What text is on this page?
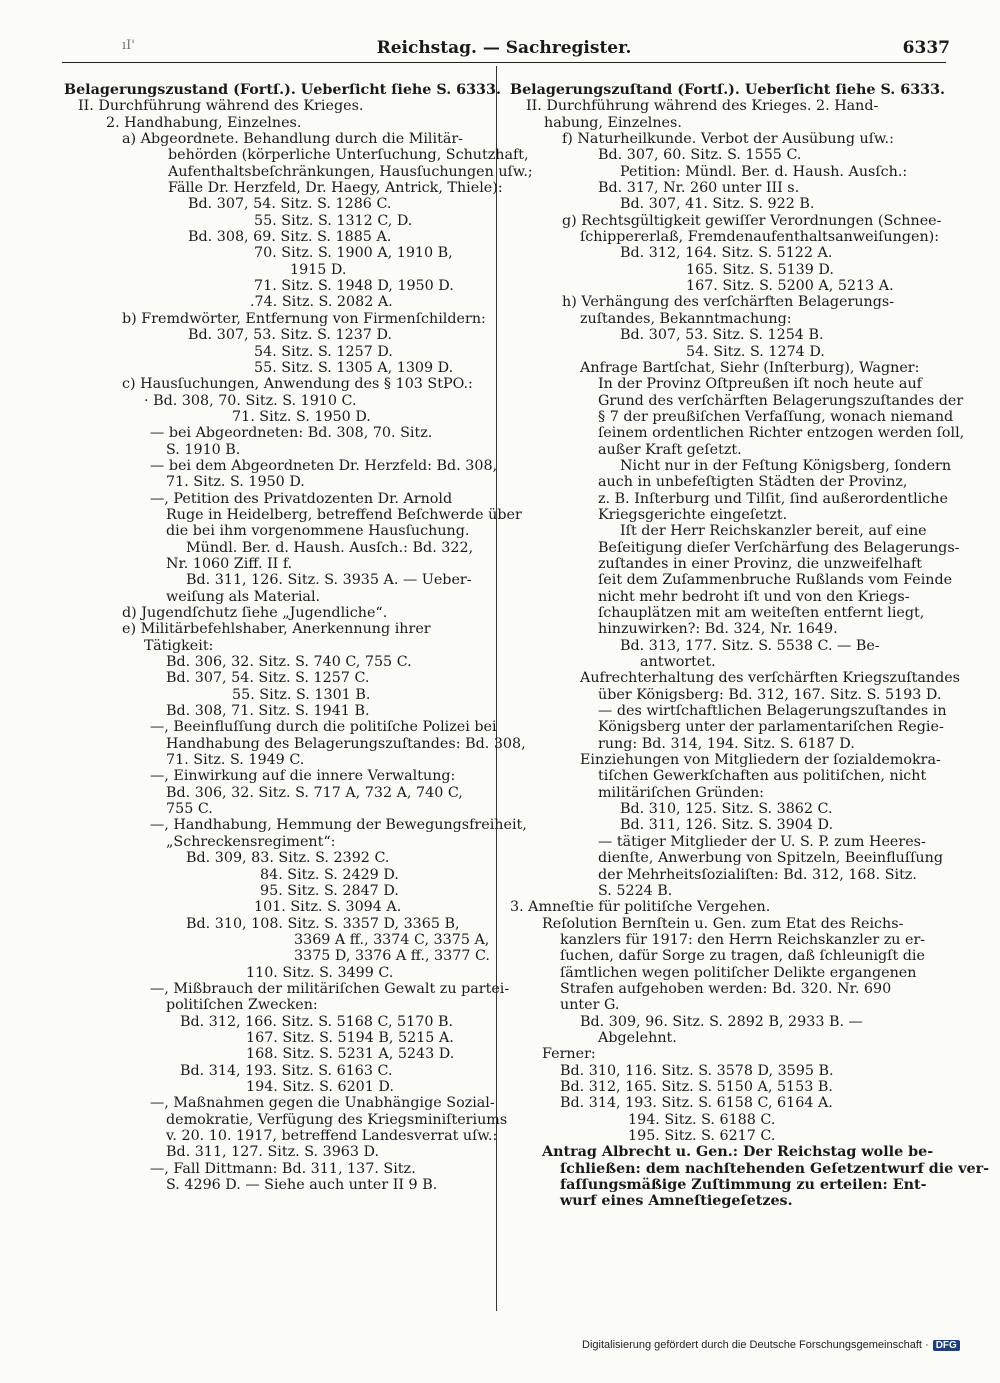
ıI'	Reichstag. — Sachregister.	6337
Belagerungszustand (Fortſ.). Ueberſicht ſiehe S. 6333.
II. Durchführung während des Krieges.
2. Handhabung, Einzelnes.
a) Abgeordnete. Behandlung durch die Militär-
behörden (körperliche Unterſuchung, Schutzhaft,
Aufenthaltsbeſchränkungen, Hausſuchungen uſw.;
Fälle Dr. Herzfeld, Dr. Haegy, Antrick, Thiele):
Bd. 307, 54. Sitz. S. 1286 C.
55. Sitz. S. 1312 C, D.
Bd. 308, 69. Sitz. S. 1885 A.
70. Sitz. S. 1900 A, 1910 B,
1915 D.
71. Sitz. S. 1948 D, 1950 D.
.74. Sitz. S. 2082 A.
b) Fremdwörter, Entfernung von Firmenſchildern:
Bd. 307, 53. Sitz. S. 1237 D.
54. Sitz. S. 1257 D.
55. Sitz. S. 1305 A, 1309 D.
c) Hausſuchungen, Anwendung des § 103 StPO.:
· Bd. 308, 70. Sitz. S. 1910 C.
71. Sitz. S. 1950 D.
— bei Abgeordneten: Bd. 308, 70. Sitz.
S. 1910 B.
— bei dem Abgeordneten Dr. Herzfeld: Bd. 308,
71. Sitz. S. 1950 D.
—, Petition des Privatdozenten Dr. Arnold
Ruge in Heidelberg, betreffend Beſchwerde über
die bei ihm vorgenommene Hausſuchung.
Mündl. Ber. d. Haush. Ausſch.: Bd. 322,
Nr. 1060 Ziff. II f.
Bd. 311, 126. Sitz. S. 3935 A. — Ueber-
weiſung als Material.
d) Jugendſchutz ſiehe „Jugendliche“.
e) Militärbefehlshaber, Anerkennung ihrer
Tätigkeit:
Bd. 306, 32. Sitz. S. 740 C, 755 C.
Bd. 307, 54. Sitz. S. 1257 C.
55. Sitz. S. 1301 B.
Bd. 308, 71. Sitz. S. 1941 B.
—, Beeinfluſſung durch die politiſche Polizei bei
Handhabung des Belagerungszuſtandes: Bd. 308,
71. Sitz. S. 1949 C.
—, Einwirkung auf die innere Verwaltung:
Bd. 306, 32. Sitz. S. 717 A, 732 A, 740 C,
755 C.
—, Handhabung, Hemmung der Bewegungsfreiheit,
„Schreckensregiment“:
Bd. 309, 83. Sitz. S. 2392 C.
84. Sitz. S. 2429 D.
95. Sitz. S. 2847 D.
101. Sitz. S. 3094 A.
Bd. 310, 108. Sitz. S. 3357 D, 3365 B,
3369 A ff., 3374 C, 3375 A,
3375 D, 3376 A ff., 3377 C.
110. Sitz. S. 3499 C.
—, Mißbrauch der militäriſchen Gewalt zu partei-
politiſchen Zwecken:
Bd. 312, 166. Sitz. S. 5168 C, 5170 B.
167. Sitz. S. 5194 B, 5215 A.
168. Sitz. S. 5231 A, 5243 D.
Bd. 314, 193. Sitz. S. 6163 C.
194. Sitz. S. 6201 D.
—, Maßnahmen gegen die Unabhängige Sozial-
demokratie, Verfügung des Kriegsminiſteriums
v. 20. 10. 1917, betreffend Landesverrat uſw.:
Bd. 311, 127. Sitz. S. 3963 D.
—, Fall Dittmann: Bd. 311, 137. Sitz.
S. 4296 D. — Siehe auch unter II 9 B.
Belagerungszuſtand (Fortſ.). Ueberſicht ſiehe S. 6333.
II. Durchführung während des Krieges. 2. Hand-
habung, Einzelnes.
f) Naturheilkunde. Verbot der Ausübung uſw.:
Bd. 307, 60. Sitz. S. 1555 C.
Petition: Mündl. Ber. d. Haush. Ausſch.:
Bd. 317, Nr. 260 unter III s.
Bd. 307, 41. Sitz. S. 922 B.
g) Rechtsgültigkeit gewiſſer Verordnungen (Schnee-
ſchippererlaß, Fremdenaufenthaltsanweiſungen):
Bd. 312, 164. Sitz. S. 5122 A.
165. Sitz. S. 5139 D.
167. Sitz. S. 5200 A, 5213 A.
h) Verhängung des verſchärften Belagerungs-
zuſtandes, Bekanntmachung:
Bd. 307, 53. Sitz. S. 1254 B.
54. Sitz. S. 1274 D.
Anfrage Bartſchat, Siehr (Inſterburg), Wagner:
In der Provinz Oſtpreußen iſt noch heute auf
Grund des verſchärften Belagerungszuſtandes der
§ 7 der preußiſchen Verfaſſung, wonach niemand
ſeinem ordentlichen Richter entzogen werden ſoll,
außer Kraft geſetzt.
Nicht nur in der Feſtung Königsberg, ſondern
auch in unbefeſtigten Städten der Provinz,
z. B. Inſterburg und Tilſit, ſind außerordentliche
Kriegsgerichte eingeſetzt.
Iſt der Herr Reichskanzler bereit, auf eine
Beſeitigung dieſer Verſchärfung des Belagerungs-
zuſtandes in einer Provinz, die unzweifelhaft
ſeit dem Zuſammenbruche Rußlands vom Feinde
nicht mehr bedroht iſt und von den Kriegs-
ſchauplätzen mit am weiteſten entfernt liegt,
hinzuwirken?: Bd. 324, Nr. 1649.
Bd. 313, 177. Sitz. S. 5538 C. — Be-
antwortet.
Aufrechterhaltung des verſchärften Kriegszuſtandes
über Königsberg: Bd. 312, 167. Sitz. S. 5193 D.
— des wirtſchaftlichen Belagerungszuſtandes in
Königsberg unter der parlamentariſchen Regie-
rung: Bd. 314, 194. Sitz. S. 6187 D.
Einziehungen von Mitgliedern der ſozialdemokra-
tiſchen Gewerkſchaften aus politiſchen, nicht
militäriſchen Gründen:
Bd. 310, 125. Sitz. S. 3862 C.
Bd. 311, 126. Sitz. S. 3904 D.
— tätiger Mitglieder der U. S. P. zum Heeres-
dienſte, Anwerbung von Spitzeln, Beeinfluſſung
der Mehrheitsſozialiſten: Bd. 312, 168. Sitz.
S. 5224 B.
3. Amneſtie für politiſche Vergehen.
Reſolution Bernſtein u. Gen. zum Etat des Reichs-
kanzlers für 1917: den Herrn Reichskanzler zu er-
ſuchen, dafür Sorge zu tragen, daß ſchleunigſt die
ſämtlichen wegen politiſcher Delikte ergangenen
Strafen aufgehoben werden: Bd. 320. Nr. 690
unter G.
Bd. 309, 96. Sitz. S. 2892 B, 2933 B. —
Abgelehnt.
Ferner:
Bd. 310, 116. Sitz. S. 3578 D, 3595 B.
Bd. 312, 165. Sitz. S. 5150 A, 5153 B.
Bd. 314, 193. Sitz. S. 6158 C, 6164 A.
194. Sitz. S. 6188 C.
195. Sitz. S. 6217 C.
Antrag Albrecht u. Gen.: Der Reichstag wolle be-
ſchließen: dem nachſtehenden Geſetzentwurf die ver-
faſſungsmäßige Zuſtimmung zu erteilen: Ent-
wurf eines Amneſtiegeſetzes.
Digitalisierung gefördert durch die Deutsche Forschungsgemeinschaft · DFG
